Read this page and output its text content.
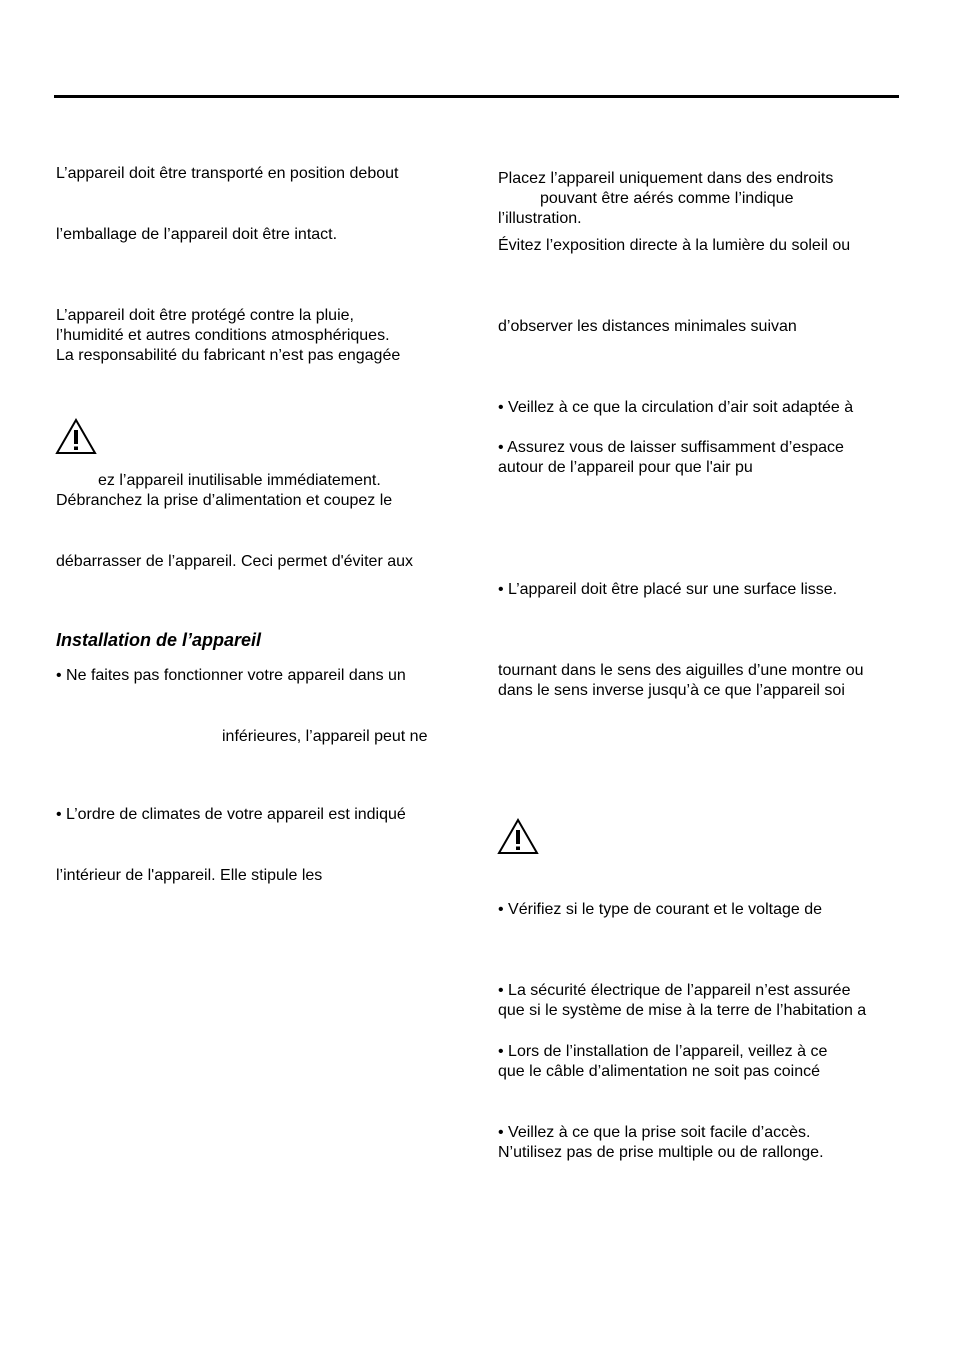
L’appareil doit être transporté en position debout
l’emballage de l’appareil doit être intact.
L’appareil doit être protégé contre la pluie,
l’humidité et autres conditions atmosphériques.
La responsabilité du fabricant n’est pas engagée
ez l’appareil inutilisable immédiatement.
Débranchez la prise d’alimentation et coupez le
débarrasser de l’appareil. Ceci permet d'éviter aux
Installation de l’appareil
• Ne faites pas fonctionner votre appareil dans un
inférieures, l’appareil peut ne
• L’ordre de climates de votre appareil est indiqué
l’intérieur de l'appareil. Elle stipule les
Placez l’appareil uniquement dans des endroits
pouvant être aérés comme l’indique
l’illustration.
Évitez l’exposition directe à la lumière du soleil ou
d’observer les distances minimales suivan
• Veillez à ce que la circulation d’air soit adaptée à
• Assurez vous de laisser suffisamment d’espace
autour de l’appareil pour que l'air pu
• L’appareil doit être placé sur une surface lisse.
tournant dans le sens des aiguilles d’une montre ou
dans le sens inverse jusqu’à ce que l’appareil soi
• Vérifiez si le type de courant et le voltage de
• La sécurité électrique de l’appareil n’est assurée
que si le système de mise à la terre de l’habitation a
• Lors de l’installation de l’appareil, veillez à ce
que le câble d’alimentation ne soit pas coincé
• Veillez à ce que la prise soit facile d’accès.
N’utilisez pas de prise multiple ou de rallonge.
